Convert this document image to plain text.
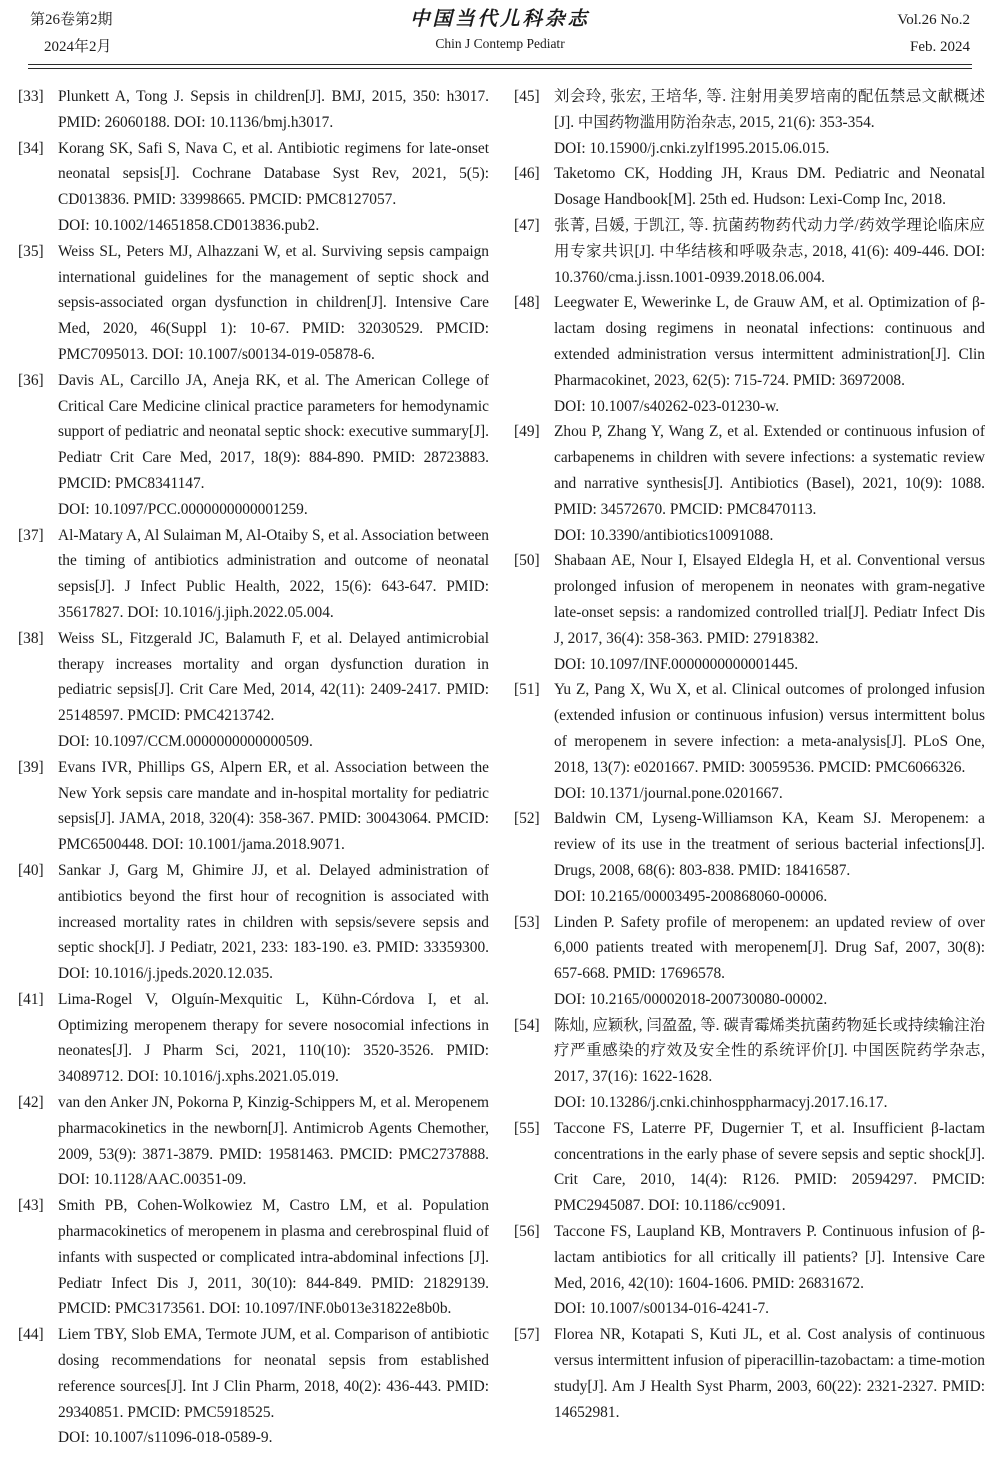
第26卷第2期
2024年2月
中国当代儿科杂志
Chin J Contemp Pediatr
Vol.26 No.2
Feb. 2024
[33] Plunkett A, Tong J. Sepsis in children[J]. BMJ, 2015, 350: h3017. PMID: 26060188. DOI: 10.1136/bmj.h3017.

[34] Korang SK, Safi S, Nava C, et al. Antibiotic regimens for late-onset neonatal sepsis[J]. Cochrane Database Syst Rev, 2021, 5(5): CD013836. PMID: 33998665. PMCID: PMC8127057.

DOI: 10.1002/14651858.CD013836.pub2.

[35] Weiss SL, Peters MJ, Alhazzani W, et al. Surviving sepsis campaign international guidelines for the management of septic shock and sepsis-associated organ dysfunction in children[J]. Intensive Care Med, 2020, 46(Suppl 1): 10-67. PMID: 32030529. PMCID: PMC7095013. DOI: 10.1007/s00134-019-05878-6.

[36] Davis AL, Carcillo JA, Aneja RK, et al. The American College of Critical Care Medicine clinical practice parameters for hemodynamic support of pediatric and neonatal septic shock: executive summary[J]. Pediatr Crit Care Med, 2017, 18(9): 884-890. PMID: 28723883. PMCID: PMC8341147.

DOI: 10.1097/PCC.0000000000001259.

[37] Al-Matary A, Al Sulaiman M, Al-Otaiby S, et al. Association between the timing of antibiotics administration and outcome of neonatal sepsis[J]. J Infect Public Health, 2022, 15(6): 643-647. PMID: 35617827. DOI: 10.1016/j.jiph.2022.05.004.

[38] Weiss SL, Fitzgerald JC, Balamuth F, et al. Delayed antimicrobial therapy increases mortality and organ dysfunction duration in pediatric sepsis[J]. Crit Care Med, 2014, 42(11): 2409-2417. PMID: 25148597. PMCID: PMC4213742.

DOI: 10.1097/CCM.0000000000000509.

[39] Evans IVR, Phillips GS, Alpern ER, et al. Association between the New York sepsis care mandate and in-hospital mortality for pediatric sepsis[J]. JAMA, 2018, 320(4): 358-367. PMID: 30043064. PMCID: PMC6500448. DOI: 10.1001/jama.2018.9071.

[40] Sankar J, Garg M, Ghimire JJ, et al. Delayed administration of antibiotics beyond the first hour of recognition is associated with increased mortality rates in children with sepsis/severe sepsis and septic shock[J]. J Pediatr, 2021, 233: 183-190. e3. PMID: 33359300. DOI: 10.1016/j.jpeds.2020.12.035.

[41] Lima-Rogel V, Olguín-Mexquitic L, Kühn-Córdova I, et al. Optimizing meropenem therapy for severe nosocomial infections in neonates[J]. J Pharm Sci, 2021, 110(10): 3520-3526. PMID: 34089712. DOI: 10.1016/j.xphs.2021.05.019.

[42] van den Anker JN, Pokorna P, Kinzig-Schippers M, et al. Meropenem pharmacokinetics in the newborn[J]. Antimicrob Agents Chemother, 2009, 53(9): 3871-3879. PMID: 19581463. PMCID: PMC2737888. DOI: 10.1128/AAC.00351-09.

[43] Smith PB, Cohen-Wolkowiez M, Castro LM, et al. Population pharmacokinetics of meropenem in plasma and cerebrospinal fluid of infants with suspected or complicated intra-abdominal infections [J]. Pediatr Infect Dis J, 2011, 30(10): 844-849. PMID: 21829139. PMCID: PMC3173561. DOI: 10.1097/INF.0b013e31822e8b0b.

[44] Liem TBY, Slob EMA, Termote JUM, et al. Comparison of antibiotic dosing recommendations for neonatal sepsis from established reference sources[J]. Int J Clin Pharm, 2018, 40(2): 436-443. PMID: 29340851. PMCID: PMC5918525.

DOI: 10.1007/s11096-018-0589-9.

[45] 刘会玲, 张宏, 王培华, 等. 注射用美罗培南的配伍禁忌文献概述[J]. 中国药物滥用防治杂志, 2015, 21(6): 353-354.

DOI: 10.15900/j.cnki.zylf1995.2015.06.015.

[46] Taketomo CK, Hodding JH, Kraus DM. Pediatric and Neonatal Dosage Handbook[M]. 25th ed. Hudson: Lexi-Comp Inc, 2018.

[47] 张菁, 吕媛, 于凯江, 等. 抗菌药物药代动力学/药效学理论临床应用专家共识[J]. 中华结核和呼吸杂志, 2018, 41(6): 409-446. DOI: 10.3760/cma.j.issn.1001-0939.2018.06.004.

[48] Leegwater E, Wewerinke L, de Grauw AM, et al. Optimization of β-lactam dosing regimens in neonatal infections: continuous and extended administration versus intermittent administration[J]. Clin Pharmacokinet, 2023, 62(5): 715-724. PMID: 36972008.

DOI: 10.1007/s40262-023-01230-w.

[49] Zhou P, Zhang Y, Wang Z, et al. Extended or continuous infusion of carbapenems in children with severe infections: a systematic review and narrative synthesis[J]. Antibiotics (Basel), 2021, 10(9): 1088. PMID: 34572670. PMCID: PMC8470113.

DOI: 10.3390/antibiotics10091088.

[50] Shabaan AE, Nour I, Elsayed Eldegla H, et al. Conventional versus prolonged infusion of meropenem in neonates with gram-negative late-onset sepsis: a randomized controlled trial[J]. Pediatr Infect Dis J, 2017, 36(4): 358-363. PMID: 27918382.

DOI: 10.1097/INF.0000000000001445.

[51] Yu Z, Pang X, Wu X, et al. Clinical outcomes of prolonged infusion (extended infusion or continuous infusion) versus intermittent bolus of meropenem in severe infection: a meta-analysis[J]. PLoS One, 2018, 13(7): e0201667. PMID: 30059536. PMCID: PMC6066326.

DOI: 10.1371/journal.pone.0201667.

[52] Baldwin CM, Lyseng-Williamson KA, Keam SJ. Meropenem: a review of its use in the treatment of serious bacterial infections[J]. Drugs, 2008, 68(6): 803-838. PMID: 18416587.

DOI: 10.2165/00003495-200868060-00006.

[53] Linden P. Safety profile of meropenem: an updated review of over 6,000 patients treated with meropenem[J]. Drug Saf, 2007, 30(8): 657-668. PMID: 17696578.

DOI: 10.2165/00002018-200730080-00002.

[54] 陈灿, 应颖秋, 闫盈盈, 等. 碳青霉烯类抗菌药物延长或持续输注治疗严重感染的疗效及安全性的系统评价[J]. 中国医院药学杂志, 2017, 37(16): 1622-1628.

DOI: 10.13286/j.cnki.chinhosppharmacyj.2017.16.17.

[55] Taccone FS, Laterre PF, Dugernier T, et al. Insufficient β-lactam concentrations in the early phase of severe sepsis and septic shock[J]. Crit Care, 2010, 14(4): R126. PMID: 20594297. PMCID: PMC2945087. DOI: 10.1186/cc9091.

[56] Taccone FS, Laupland KB, Montravers P. Continuous infusion of β-lactam antibiotics for all critically ill patients? [J]. Intensive Care Med, 2016, 42(10): 1604-1606. PMID: 26831672.

DOI: 10.1007/s00134-016-4241-7.

[57] Florea NR, Kotapati S, Kuti JL, et al. Cost analysis of continuous versus intermittent infusion of piperacillin-tazobactam: a time-motion study[J]. Am J Health Syst Pharm, 2003, 60(22): 2321-2327. PMID: 14652981.
